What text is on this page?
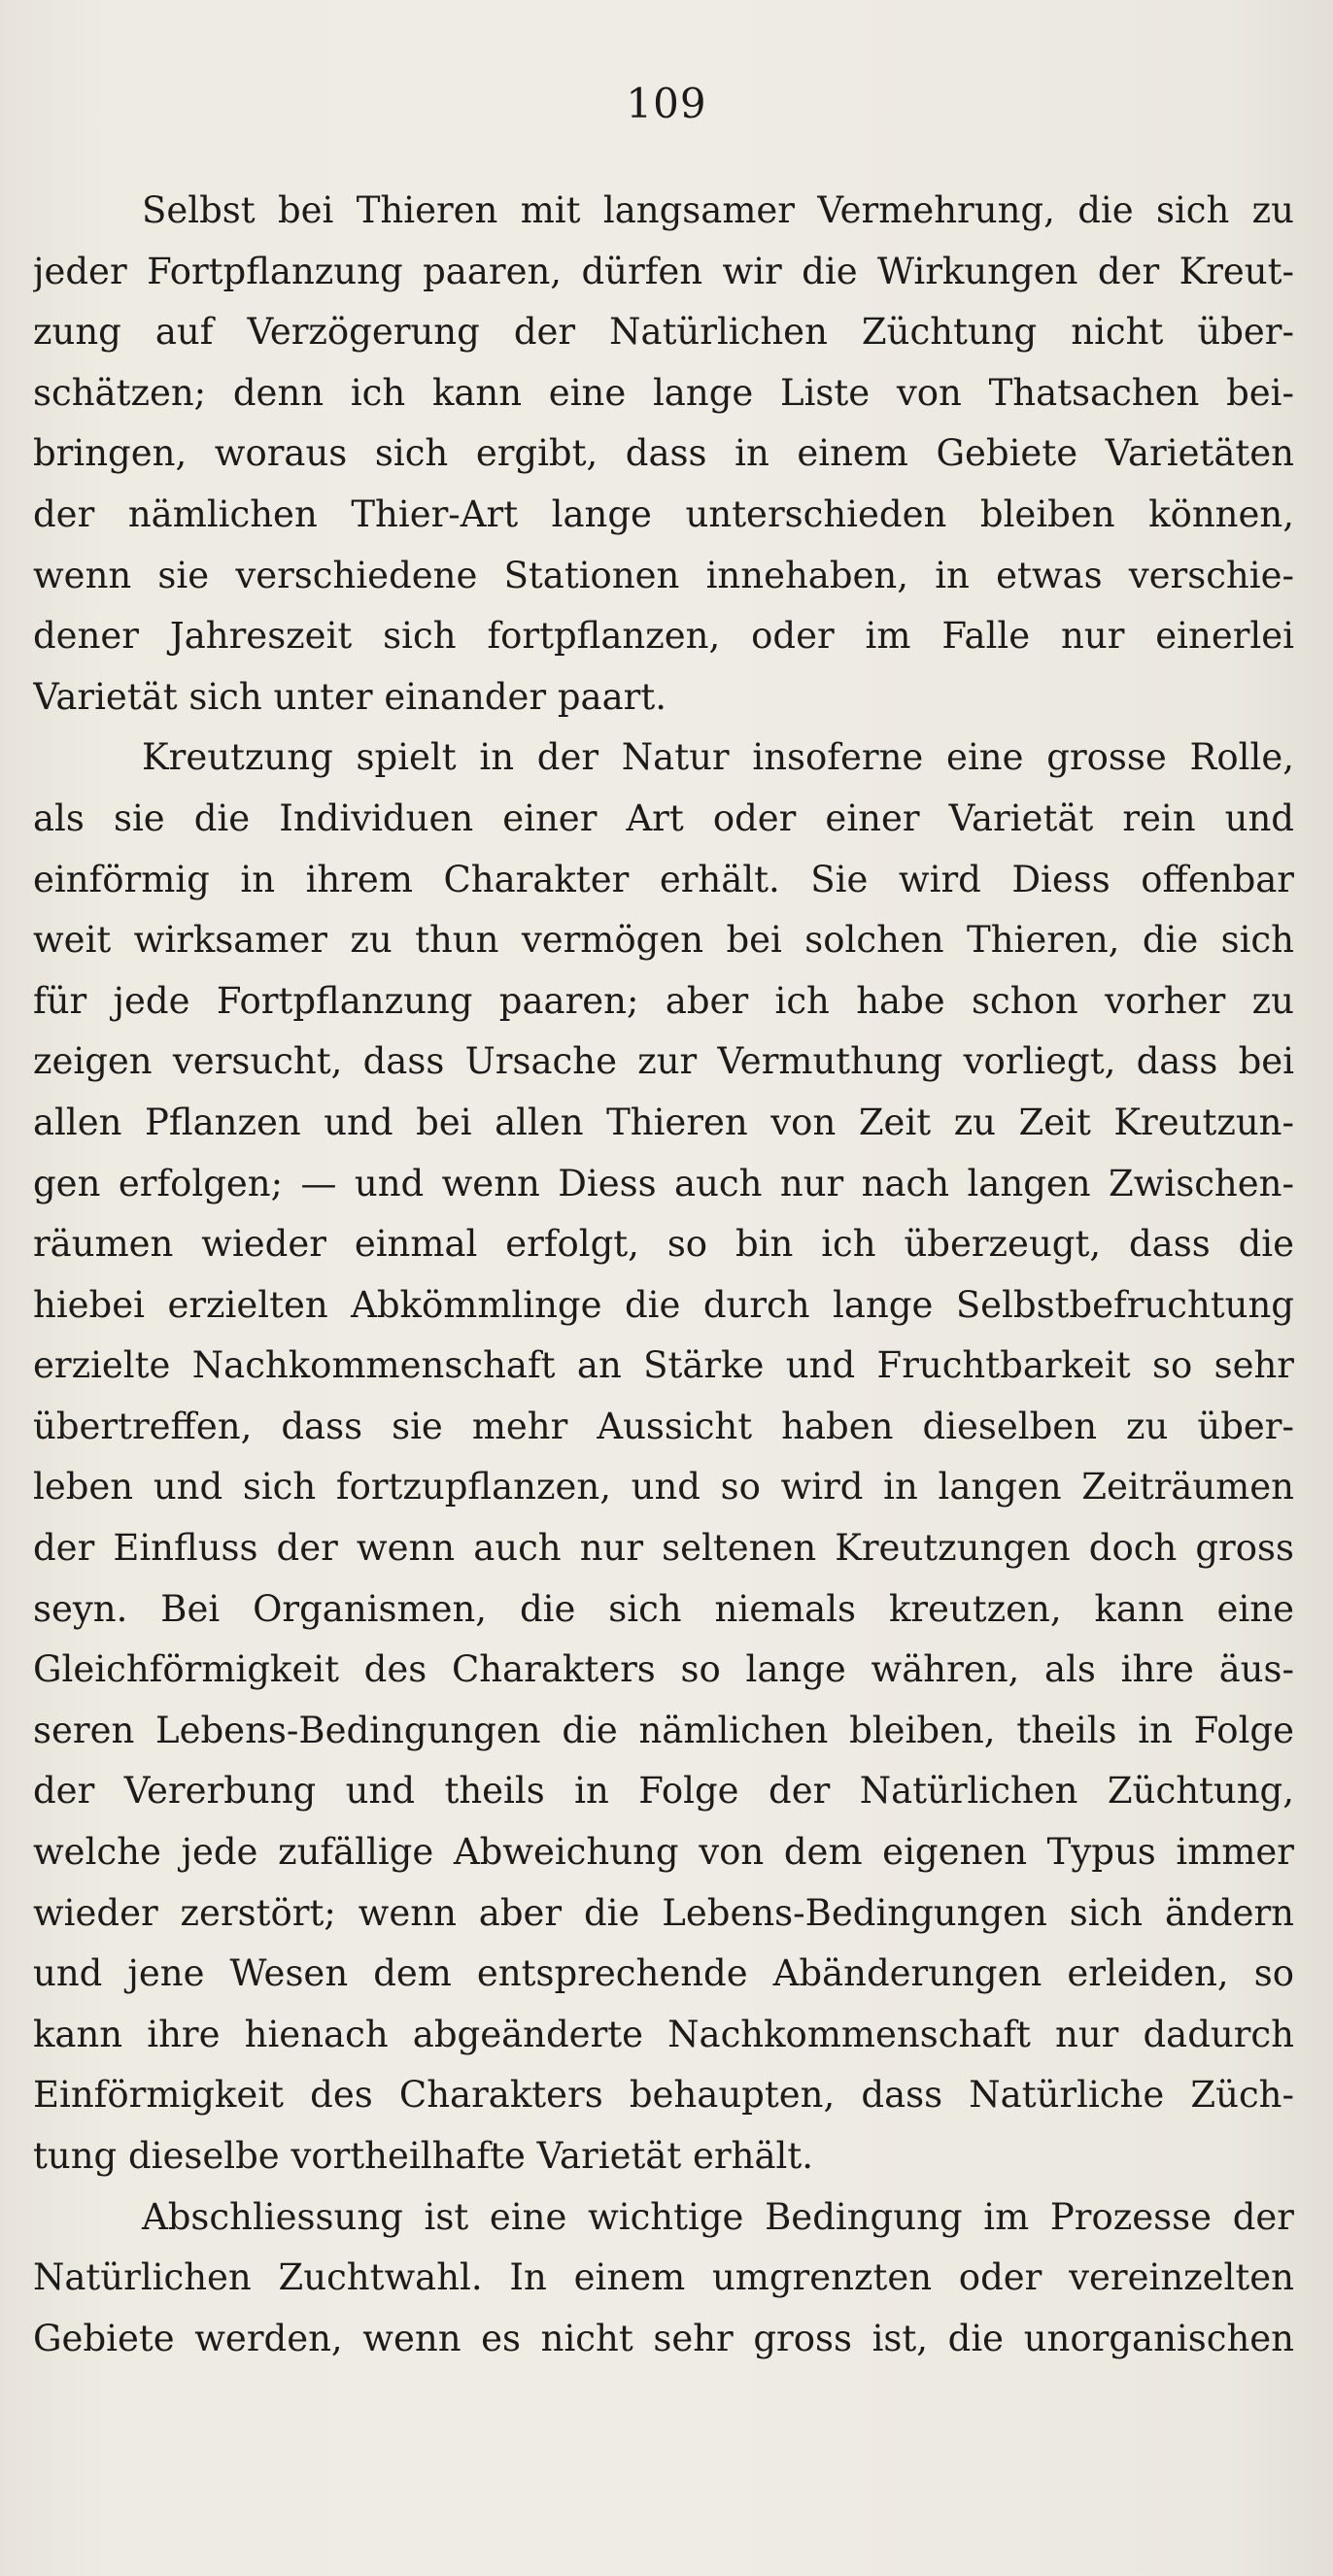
109
Selbst bei Thieren mit langsamer Vermehrung, die sich zu
jeder Fortpflanzung paaren, dürfen wir die Wirkungen der Kreut-
zung auf Verzögerung der Natürlichen Züchtung nicht über-
schätzen; denn ich kann eine lange Liste von Thatsachen bei-
bringen, woraus sich ergibt, dass in einem Gebiete Varietäten
der nämlichen Thier-Art lange unterschieden bleiben können,
wenn sie verschiedene Stationen innehaben, in etwas verschie-
dener Jahreszeit sich fortpflanzen, oder im Falle nur einerlei
Varietät sich unter einander paart.
Kreutzung spielt in der Natur insoferne eine grosse Rolle,
als sie die Individuen einer Art oder einer Varietät rein und
einförmig in ihrem Charakter erhält. Sie wird Diess offenbar
weit wirksamer zu thun vermögen bei solchen Thieren, die sich
für jede Fortpflanzung paaren; aber ich habe schon vorher zu
zeigen versucht, dass Ursache zur Vermuthung vorliegt, dass bei
allen Pflanzen und bei allen Thieren von Zeit zu Zeit Kreutzun-
gen erfolgen; — und wenn Diess auch nur nach langen Zwischen-
räumen wieder einmal erfolgt, so bin ich überzeugt, dass die
hiebei erzielten Abkömmlinge die durch lange Selbstbefruchtung
erzielte Nachkommenschaft an Stärke und Fruchtbarkeit so sehr
übertreffen, dass sie mehr Aussicht haben dieselben zu über-
leben und sich fortzupflanzen, und so wird in langen Zeiträumen
der Einfluss der wenn auch nur seltenen Kreutzungen doch gross
seyn. Bei Organismen, die sich niemals kreutzen, kann eine
Gleichförmigkeit des Charakters so lange währen, als ihre äus-
seren Lebens-Bedingungen die nämlichen bleiben, theils in Folge
der Vererbung und theils in Folge der Natürlichen Züchtung,
welche jede zufällige Abweichung von dem eigenen Typus immer
wieder zerstört; wenn aber die Lebens-Bedingungen sich ändern
und jene Wesen dem entsprechende Abänderungen erleiden, so
kann ihre hienach abgeänderte Nachkommenschaft nur dadurch
Einförmigkeit des Charakters behaupten, dass Natürliche Züch-
tung dieselbe vortheilhafte Varietät erhält.
Abschliessung ist eine wichtige Bedingung im Prozesse der
Natürlichen Zuchtwahl. In einem umgrenzten oder vereinzelten
Gebiete werden, wenn es nicht sehr gross ist, die unorganischen
